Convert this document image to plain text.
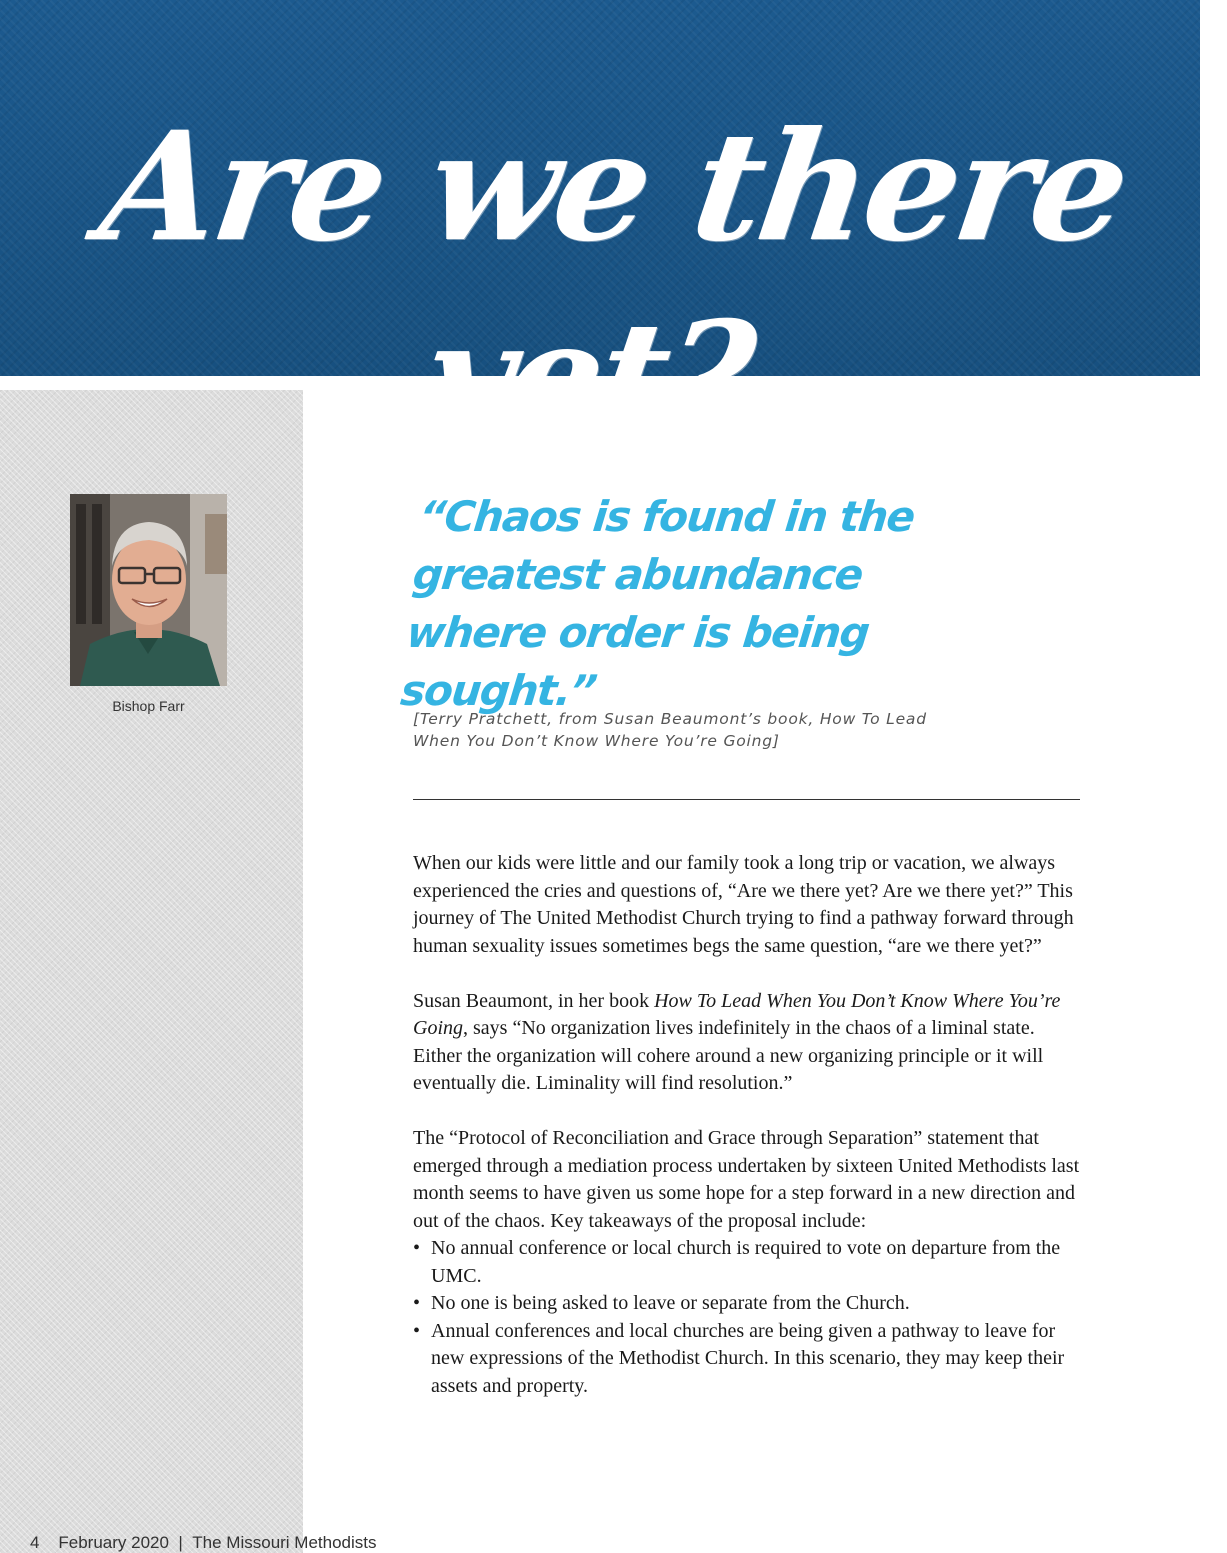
Are we there yet?
Bishop Farr
“Chaos is found in the greatest abundance where order is being sought.”
[Terry Pratchett, from Susan Beaumont’s book, How To Lead When You Don’t Know Where You’re Going]

When our kids were little and our family took a long trip or vacation, we always experienced the cries and questions of, “Are we there yet? Are we there yet?” This journey of The United Methodist Church trying to find a pathway forward through human sexuality issues sometimes begs the same question, “are we there yet?”

Susan Beaumont, in her book How To Lead When You Don’t Know Where You’re Going, says “No organization lives indefinitely in the chaos of a liminal state. Either the organization will cohere around a new organizing principle or it will eventually die. Liminality will find resolution.”

The “Protocol of Reconciliation and Grace through Separation” statement that emerged through a mediation process undertaken by sixteen United Methodists last month seems to have given us some hope for a step forward in a new direction and out of the chaos. Key takeaways of the proposal include:

• No annual conference or local church is required to vote on departure from the UMC.
• No one is being asked to leave or separate from the Church.
• Annual conferences and local churches are being given a pathway to leave for new expressions of the Methodist Church. In this scenario, they may keep their assets and property.
4 February 2020 | The Missouri Methodists
